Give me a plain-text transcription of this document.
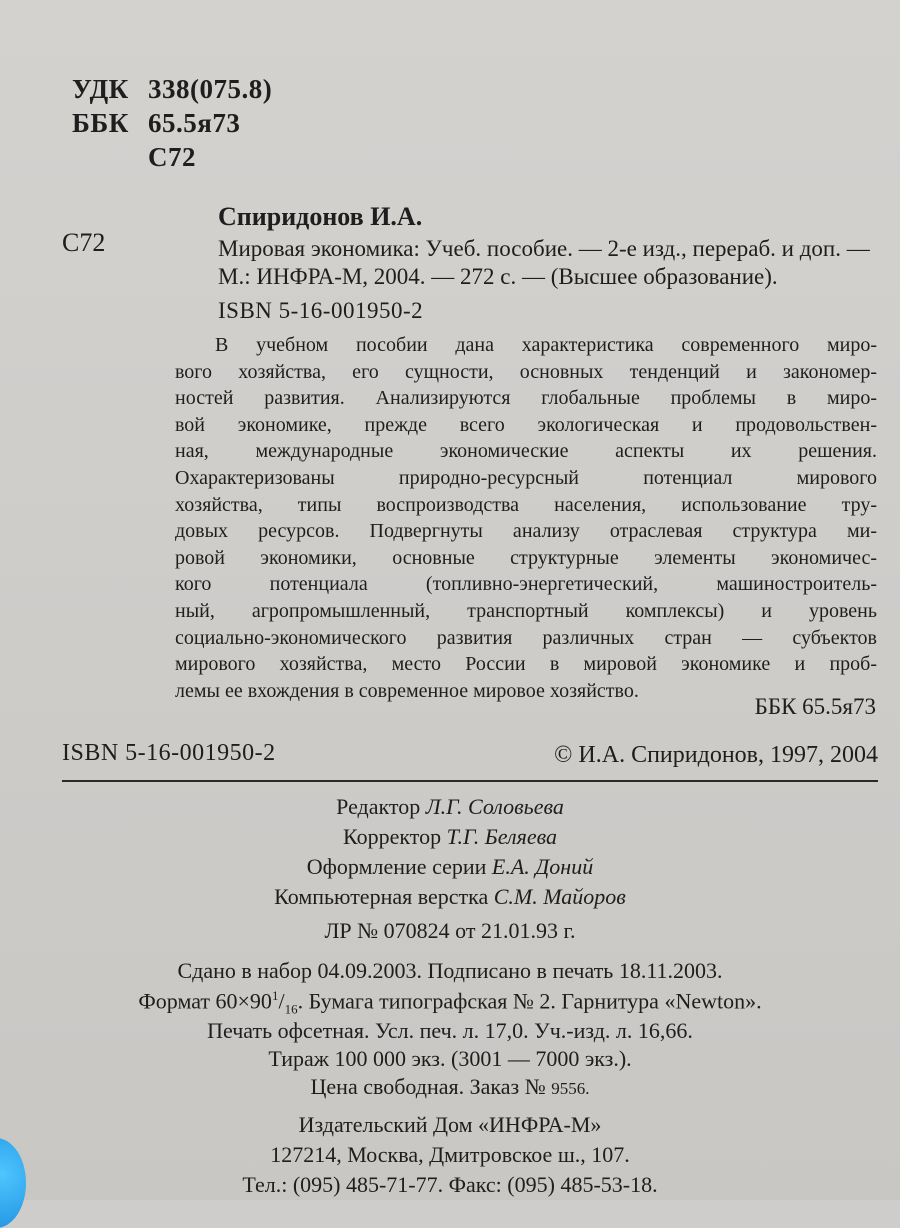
УДК 338(075.8)
ББК 65.5я73
С72
С72
Спиридонов И.А.
Мировая экономика: Учеб. пособие. — 2-е изд., перераб. и доп. —
М.: ИНФРА-М, 2004. — 272 с. — (Высшее образование).
ISBN 5-16-001950-2
В учебном пособии дана характеристика современного миро-
вого хозяйства, его сущности, основных тенденций и закономер-
ностей развития. Анализируются глобальные проблемы в миро-
вой экономике, прежде всего экологическая и продовольствен-
ная, международные экономические аспекты их решения.
Охарактеризованы природно-ресурсный потенциал мирового
хозяйства, типы воспроизводства населения, использование тру-
довых ресурсов. Подвергнуты анализу отраслевая структура ми-
ровой экономики, основные структурные элементы экономичес-
кого потенциала (топливно-энергетический, машиностроитель-
ный, агропромышленный, транспортный комплексы) и уровень
социально-экономического развития различных стран — субъектов
мирового хозяйства, место России в мировой экономике и проб-
лемы ее вхождения в современное мировое хозяйство.
ББК 65.5я73
ISBN 5-16-001950-2	© И.А. Спиридонов, 1997, 2004
Редактор Л.Г. Соловьева
Корректор Т.Г. Беляева
Оформление серии Е.А. Доний
Компьютерная верстка С.М. Майоров
ЛР № 070824 от 21.01.93 г.
Сдано в набор 04.09.2003. Подписано в печать 18.11.2003.
Формат $60\times 90^1/_{16}$. Бумага типографская № 2. Гарнитура «Newton».
Печать офсетная. Усл. печ. л. 17,0. Уч.-изд. л. 16,66.
Тираж 100 000 экз. (3001 — 7000 экз.).
Цена свободная. Заказ № 9556.
Издательский Дом «ИНФРА-М»
127214, Москва, Дмитровское ш., 107.
Тел.: (095) 485-71-77. Факс: (095) 485-53-18.
